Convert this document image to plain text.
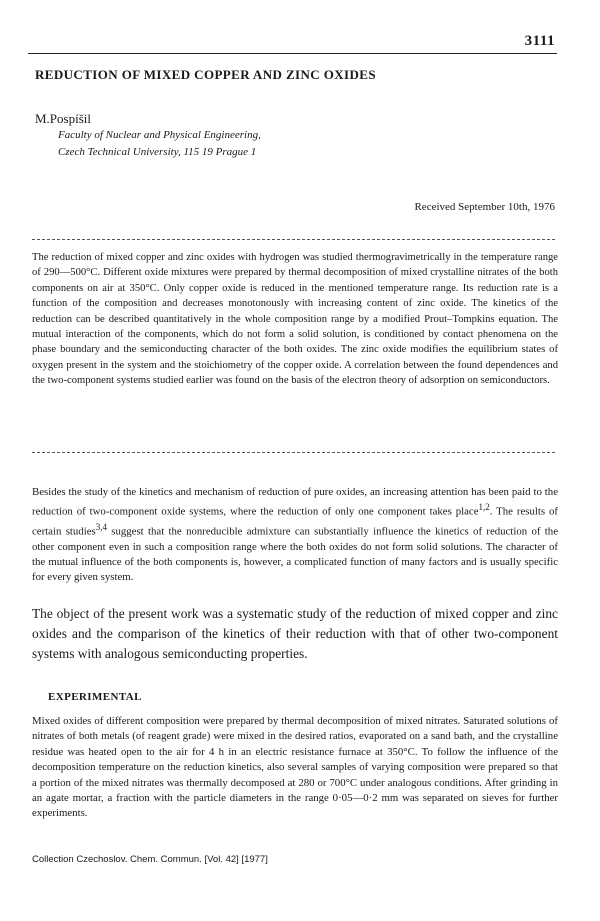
3111
REDUCTION OF MIXED COPPER AND ZINC OXIDES
M.Pospíšil
Faculty of Nuclear and Physical Engineering,
Czech Technical University, 115 19 Prague 1
Received September 10th, 1976

The reduction of mixed copper and zinc oxides with hydrogen was studied thermogravimetrically in the temperature range of 290—500°C. Different oxide mixtures were prepared by thermal decomposition of mixed crystalline nitrates of the both components on air at 350°C. Only copper oxide is reduced in the mentioned temperature range. Its reduction rate is a function of the composition and decreases monotonously with increasing content of zinc oxide. The kinetics of the reduction can be described quantitatively in the whole composition range by a modified Prout–Tompkins equation. The mutual interaction of the components, which do not form a solid solution, is conditioned by contact phenomena on the phase boundary and the semiconducting character of the both oxides. The zinc oxide modifies the equilibrium states of oxygen present in the system and the stoichiometry of the copper oxide. A correlation between the found dependences and the two-component systems studied earlier was found on the basis of the electron theory of adsorption on semiconductors.

Besides the study of the kinetics and mechanism of reduction of pure oxides, an increasing attention has been paid to the reduction of two-component oxide systems, where the reduction of only one component takes place$^{1,2}$. The results of certain studies$^{3,4}$ suggest that the nonreducible admixture can substantially influence the kinetics of reduction of the other component even in such a composition range where the both oxides do not form solid solutions. The character of the mutual influence of the both components is, however, a complicated function of many factors and is usually specific for every given system.

The object of the present work was a systematic study of the reduction of mixed copper and zinc oxides and the comparison of the kinetics of their reduction with that of other two-component systems with analogous semiconducting properties.

EXPERIMENTAL

Mixed oxides of different composition were prepared by thermal decomposition of mixed nitrates. Saturated solutions of nitrates of both metals (of reagent grade) were mixed in the desired ratios, evaporated on a sand bath, and the crystalline residue was heated open to the air for 4 h in an electric resistance furnace at 350°C. To follow the influence of the decomposition temperature on the reduction kinetics, also several samples of varying composition were prepared so that a portion of the mixed nitrates was thermally decomposed at 280 or 700°C under analogous conditions. After grinding in an agate mortar, a fraction with the particle diameters in the range 0·05—0·2 mm was separated on sieves for further experiments.

Collection Czechoslov. Chem. Commun. [Vol. 42] [1977]
